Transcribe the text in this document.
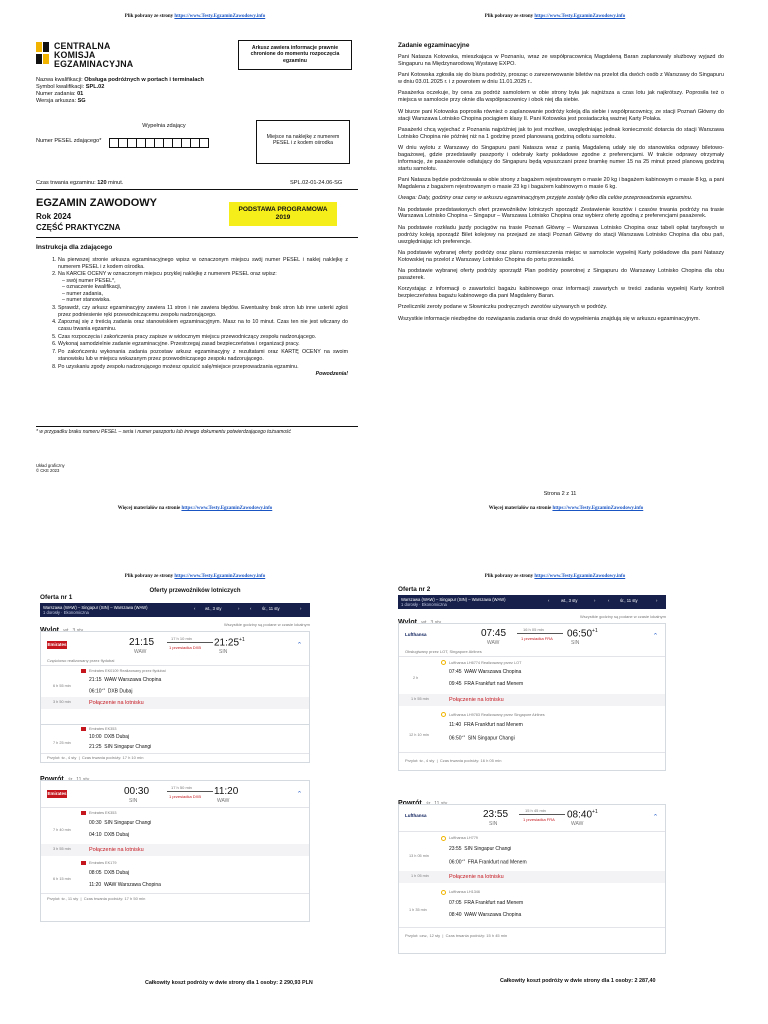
Plik pobrany ze strony https://www.Testy.EgzaminZawodowy.info	Plik pobrany ze strony https://www.Testy.EgzaminZawodowy.info
CENTRALNA
KOMISJA
EGZAMINACYJNA
Arkusz zawiera informacje prawnie chronione do momentu rozpoczęcia egzaminu
Nazwa kwalifikacji: Obsługa podróżnych w portach i terminalach
Symbol kwalifikacji: SPL.02
Numer zadania: 01
Wersja arkusza: SG
Wypełnia zdający
Numer PESEL zdającego*
Miejsce na naklejkę z numerem PESEL i z kodem ośrodka
Czas trwania egzaminu: 120 minut.	SPL.02-01-24.06-SG
EGZAMIN ZAWODOWY
Rok 2024
CZĘŚĆ PRAKTYCZNA
PODSTAWA PROGRAMOWA
2019
Instrukcja dla zdającego
1. Na pierwszej stronie arkusza egzaminacyjnego wpisz w oznaczonym miejscu swój numer PESEL i naklej naklejkę z numerem PESEL i z kodem ośrodka.
2. Na KARCIE OCENY w oznaczonym miejscu przyklej naklejkę z numerem PESEL oraz wpisz:
– swój numer PESEL*,
– oznaczenie kwalifikacji,
– numer zadania,
– numer stanowiska.
3. Sprawdź, czy arkusz egzaminacyjny zawiera 11 stron i nie zawiera błędów. Ewentualny brak stron lub inne usterki zgłoś przez podniesienie ręki przewodniczącemu zespołu nadzorującego.
4. Zapoznaj się z treścią zadania oraz stanowiskiem egzaminacyjnym. Masz na to 10 minut. Czas ten nie jest wliczany do czasu trwania egzaminu.
5. Czas rozpoczęcia i zakończenia pracy zapisze w widocznym miejscu przewodniczący zespołu nadzorującego.
6. Wykonaj samodzielnie zadanie egzaminacyjne. Przestrzegaj zasad bezpieczeństwa i organizacji pracy.
7. Po zakończeniu wykonania zadania pozostaw arkusz egzaminacyjny z rezultatami oraz KARTĘ OCENY na swoim stanowisku lub w miejscu wskazanym przez przewodniczącego zespołu nadzorującego.
8. Po uzyskaniu zgody zespołu nadzorującego możesz opuścić salę/miejsce przeprowadzania egzaminu.
Powodzenia!
* w przypadku braku numeru PESEL – seria i numer paszportu lub innego dokumentu potwierdzającego tożsamość
Układ graficzny
© CKE 2023
Zadanie egzaminacyjne

Pani Natasza Kotowska, mieszkająca w Poznaniu, wraz ze współpracownicą Magdaleną Baran zaplanowały służbowy wyjazd do Singapuru na Międzynarodową Wystawę EXPO.

Pani Kotowska zgłosiła się do biura podróży, prosząc o zarezerwowanie biletów na przelot dla dwóch osób z Warszawy do Singapuru w dniu 03.01.2025 r. i z powrotem w dniu 11.01.2025 r..

Pasażerka oczekuje, by cena za podróż samolotem w obie strony była jak najniższa a czas lotu jak najkrótszy. Poprosiła też o miejsca w samolocie przy oknie dla współpracownicy i obok niej dla siebie.

W biurze pani Kotowska poprosiła również o zaplanowanie podróży koleją dla siebie i współpracownicy, ze stacji Poznań Główny do stacji Warszawa Lotnisko Chopina pociągiem klasy II. Pani Kotowska jest posiadaczką ważnej Karty Polaka.

Pasażerki chcą wyjechać z Poznania najpóźniej jak to jest możliwe, uwzględniając jednak konieczność dotarcia do stacji Warszawa Lotnisko Chopina nie później niż na 1 godzinę przed planowaną godziną odlotu samolotu.

W dniu wylotu z Warszawy do Singapuru pani Natasza wraz z panią Magdaleną udały się do stanowiska odprawy biletowo-bagażowej, gdzie przedstawiły paszporty i odebrały karty pokładowe zgodne z preferencjami. W trakcie odprawy otrzymały informację, że pasażerowie odlatujący do Singapuru będą wpuszczani przez bramkę numer 15 na 25 minut przed planową godziną startu samolotu.

Pani Natasza będzie podróżowała w obie strony z bagażem rejestrowanym o masie 20 kg i bagażem kabinowym o masie 8 kg, a pani Magdalena z bagażem rejestrowanym o masie 23 kg i bagażem kabinowym o masie 6 kg.

Uwaga: Daty, godziny oraz ceny w arkuszu egzaminacyjnym przyjęte zostały tylko dla celów przeprowadzenia egzaminu.

Na podstawie przedstawionych ofert przewoźników lotniczych sporządź Zestawienie kosztów i czasów trwania podróży na trasie Warszawa Lotnisko Chopina – Singapur – Warszawa Lotnisko Chopina oraz wybierz ofertę zgodną z preferencjami pasażerek.

Na podstawie rozkładu jazdy pociągów na trasie Poznań Główny – Warszawa Lotnisko Chopina oraz tabeli opłat taryfowych w podróży koleją sporządź Bilet kolejowy na przejazd ze stacji Poznań Główny do stacji Warszawa Lotnisko Chopina dla obu pań, uwzględniając ich preferencje.

Na podstawie wybranej oferty podróży oraz planu rozmieszczenia miejsc w samolocie wypełnij Karty pokładowe dla pani Nataszy Kotowskiej na przelot z Warszawy Lotnisko Chopina do portu przesiadki.

Na podstawie wybranej oferty podróży sporządź Plan podróży powrotnej z Singapuru do Warszawy Lotnisko Chopina dla obu pasażerek.

Korzystając z informacji o zawartości bagażu kabinowego oraz informacji zawartych w treści zadania wypełnij Karty kontroli bezpieczeństwa bagażu kabinowego dla pani Magdaleny Baran.

Przeliczniki zeroty podane w Słowniczku podręcznych zwrotów używanych w podróży.

Wszystkie informacje niezbędne do rozwiązania zadania oraz druki do wypełnienia znajdują się w arkuszu egzaminacyjnym.

Strona 2 z 11
Więcej materiałów na stronie https://www.Testy.EgzaminZawodowy.info	Więcej materiałów na stronie https://www.Testy.EgzaminZawodowy.info
Plik pobrany ze strony https://www.Testy.EgzaminZawodowy.info	Plik pobrany ze strony https://www.Testy.EgzaminZawodowy.info
Oferty przewoźników lotniczych
Oferta nr 1
Warszawa (WAW) – Singapur (SIN) – Warszawa (WAW)
1 dorosły · Ekonomiczna
‹ wt., 3 sty	›	‹	śr., 11 sty	›
Wszystkie godziny są podane w czasie lokalnym
Emirates	21:15
WAW
17 h 10 min
1 przesiadka DXB $21:25^{+1}$
SIN
ˆ
Częściowo realizowany przez flydubai
Emirates EK0109 Realizowany przez flydubai
6 h 55 min
21:15 WAW Warszawa Chopina
$06:10^{+1}$ DXB Dubaj
3 h 50 min	Połączenie na lotnisku
Emirates EK353
7 h 25 min
10:00 DXB Dubaj
21:25 SIN Singapur Changi
Przylot: śr., 4 sty  |  Czas trwania podróży: 17 h 10 min
Emirates	00:30
SIN
17 h 50 min
1 przesiadka DXB 11:20
WAW
ˆ
Emirates EK353
7 h 40 min
00:30 SIN Singapur Changi
04:10 DXB Dubaj
3 h 55 min	Połączenie na lotnisku
Emirates EK179
6 h 15 min
08:05 DXB Dubaj
11:20 WAW Warszawa Chopina
Przylot: śr., 11 sty  |  Czas trwania podróży: 17 h 50 min
Całkowity koszt podróży w dwie strony dla 1 osoby: 2 290,93 PLN
Oferta nr 2
Warszawa (WAW) – Singapur (SIN) – Warszawa (WAW)
1 dorosły · Ekonomiczna
‹	wt., 3 sty	›	‹	śr., 11 sty	›
Wszystkie godziny są podane w czasie lokalnym
Lufthansa	07:45
WAW
16 h 05 min
1 przesiadka FRA $06:50^{+1}$
SIN
ˆ
Obsługiwany przez LOT, Singapore Airlines
Lufthansa LH6774 Realizowany przez LOT
2 h
07:45 WAW Warszawa Chopina
09:45 FRA Frankfurt nad Menem
1 h 55 min	Połączenie na lotnisku
Lufthansa LH9783 Realizowany przez Singapore Airlines
12 h 10 min
11:40 FRA Frankfurt nad Menem
$06:50^{+1}$ SIN Singapur Changi
Przylot: śr., 4 sty  |  Czas trwania podróży: 16 h 05 min
Lufthansa	23:55
SIN
15 h 45 min
1 przesiadka FRA $08:40^{+1}$
WAW
ˆ
Lufthansa LH779
13 h 05 min
23:55 SIN Singapur Changi
$06:00^{+1}$ FRA Frankfurt nad Menem
1 h 05 min	Połączenie na lotnisku
Lufthansa LH1346
1 h 35 min
07:05 FRA Frankfurt nad Menem
08:40 WAW Warszawa Chopina
Przylot: czw., 12 sty  |  Czas trwania podróży: 15 h 45 min
Całkowity koszt podróży w dwie strony dla 1 osoby: 2 287,40
